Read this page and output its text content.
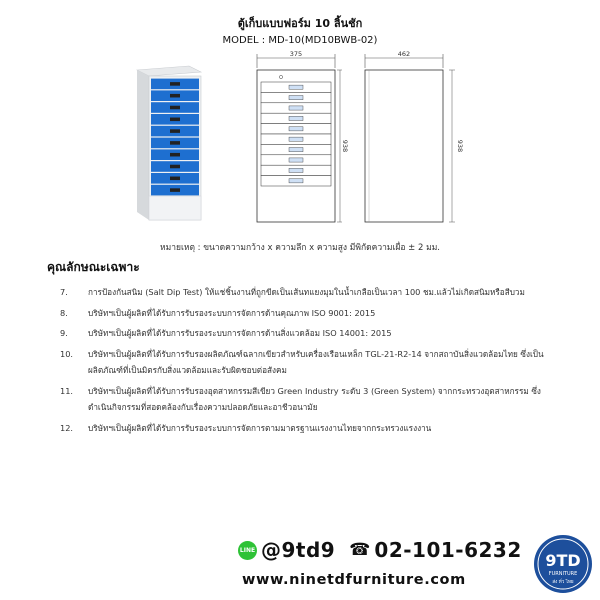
ตู้เก็บแบบฟอร์ม 10 ลิ้นชัก
MODEL : MD-10(MD10BWB-02)
375
938
462
938
หมายเหตุ : ขนาดความกว้าง x ความลึก x ความสูง มีพิกัดความเผื่อ ± 2 มม.
คุณลักษณะเฉพาะ
7. การป้องกันสนิม (Salt Dip Test) ให้แช่ชิ้นงานที่ถูกขีดเป็นเส้นทแยงมุมในน้ำเกลือเป็นเวลา 100 ชม.แล้วไม่เกิดสนิมหรือสีบวม
8. บริษัทฯเป็นผู้ผลิตที่ได้รับการรับรองระบบการจัดการด้านคุณภาพ ISO 9001: 2015
9. บริษัทฯเป็นผู้ผลิตที่ได้รับการรับรองระบบการจัดการด้านสิ่งแวดล้อม ISO 14001: 2015
10. บริษัทฯเป็นผู้ผลิตที่ได้รับการรับรองผลิตภัณฑ์ฉลากเขียวสำหรับเครื่องเรือนเหล็ก TGL-21-R2-14 จากสถาบันสิ่งแวดล้อมไทย ซึ่งเป็นผลิตภัณฑ์ที่เป็นมิตรกับสิ่งแวดล้อมและรับผิดชอบต่อสังคม
11. บริษัทฯเป็นผู้ผลิตที่ได้รับการรับรองอุตสาหกรรมสีเขียว Green Industry ระดับ 3 (Green System) จากกระทรวงอุตสาหกรรม ซึ่งดำเนินกิจกรรมที่สอดคล้องกับเรื่องความปลอดภัยและอาชีวอนามัย
12. บริษัทฯเป็นผู้ผลิตที่ได้รับการรับรองระบบการจัดการตามมาตรฐานแรงงานไทยจากกระทรวงแรงงาน
LINE @9td9 ☎ 02-101-6232
www.ninetdfurniture.com
9TD
FURNITURE
ส่ง ทั่ว ไทย
